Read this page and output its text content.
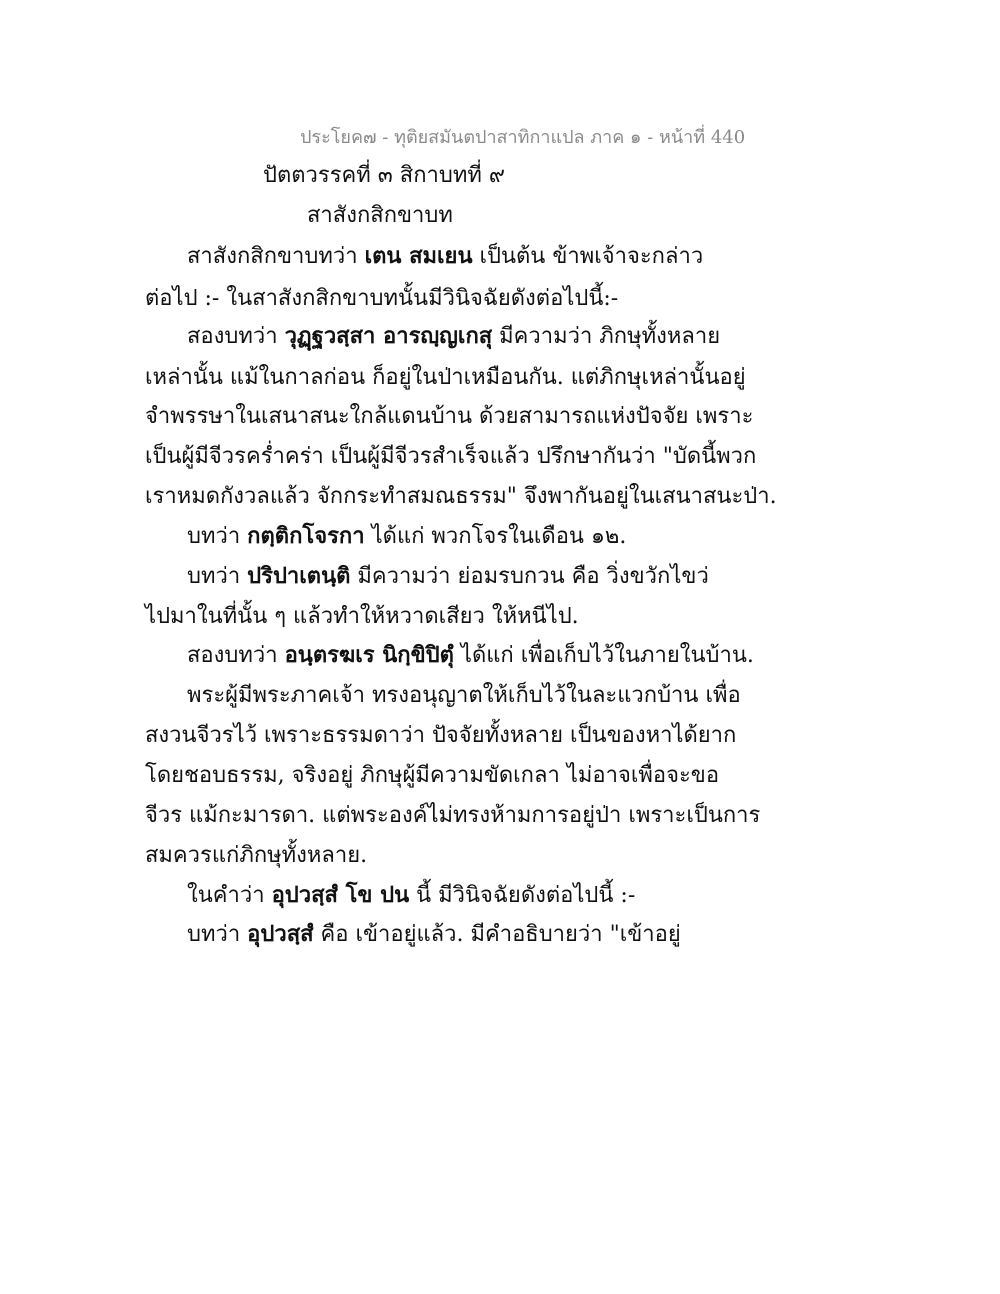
ประโยค๗ - ทุติยสมันตปาสาทิกาแปล ภาค ๑ - หน้าที่ 440
ปัตตวรรคที่ ๓ สิกาบทที่ ๙
สาสังกสิกขาบท
สาสังกสิกขาบทว่า เตน สมเยน เป็นต้น ข้าพเจ้าจะกล่าว
ต่อไป :- ในสาสังกสิกขาบทนั้นมีวินิจฉัยดังต่อไปนี้:-
สองบทว่า วุฏฺฐวสฺสา อารญฺญเกสุ มีความว่า ภิกษุทั้งหลาย
เหล่านั้น แม้ในกาลก่อน ก็อยู่ในป่าเหมือนกัน. แต่ภิกษุเหล่านั้นอยู่
จำพรรษาในเสนาสนะใกล้แดนบ้าน ด้วยสามารถแห่งปัจจัย เพราะ
เป็นผู้มีจีวรคร่ำคร่า เป็นผู้มีจีวรสำเร็จแล้ว ปรึกษากันว่า "บัดนี้พวก
เราหมดกังวลแล้ว จักกระทำสมณธรรม" จึงพากันอยู่ในเสนาสนะป่า.
บทว่า กตฺติกโจรกา ได้แก่ พวกโจรในเดือน ๑๒.
บทว่า ปริปาเตนฺติ มีความว่า ย่อมรบกวน คือ วิ่งขวักไขว่
ไปมาในที่นั้น ๆ แล้วทำให้หวาดเสียว ให้หนีไป.
สองบทว่า อนฺตรฆเร นิกฺขิปิตุํ ได้แก่ เพื่อเก็บไว้ในภายในบ้าน.
พระผู้มีพระภาคเจ้า ทรงอนุญาตให้เก็บไว้ในละแวกบ้าน เพื่อ
สงวนจีวรไว้ เพราะธรรมดาว่า ปัจจัยทั้งหลาย เป็นของหาได้ยาก
โดยชอบธรรม, จริงอยู่ ภิกษุผู้มีความขัดเกลา ไม่อาจเพื่อจะขอ
จีวร แม้กะมารดา. แต่พระองค์ไม่ทรงห้ามการอยู่ป่า เพราะเป็นการ
สมควรแก่ภิกษุทั้งหลาย.
ในคำว่า อุปวสฺสํ โข ปน นี้ มีวินิจฉัยดังต่อไปนี้ :-
บทว่า อุปวสฺสํ คือ เข้าอยู่แล้ว. มีคำอธิบายว่า "เข้าอยู่
